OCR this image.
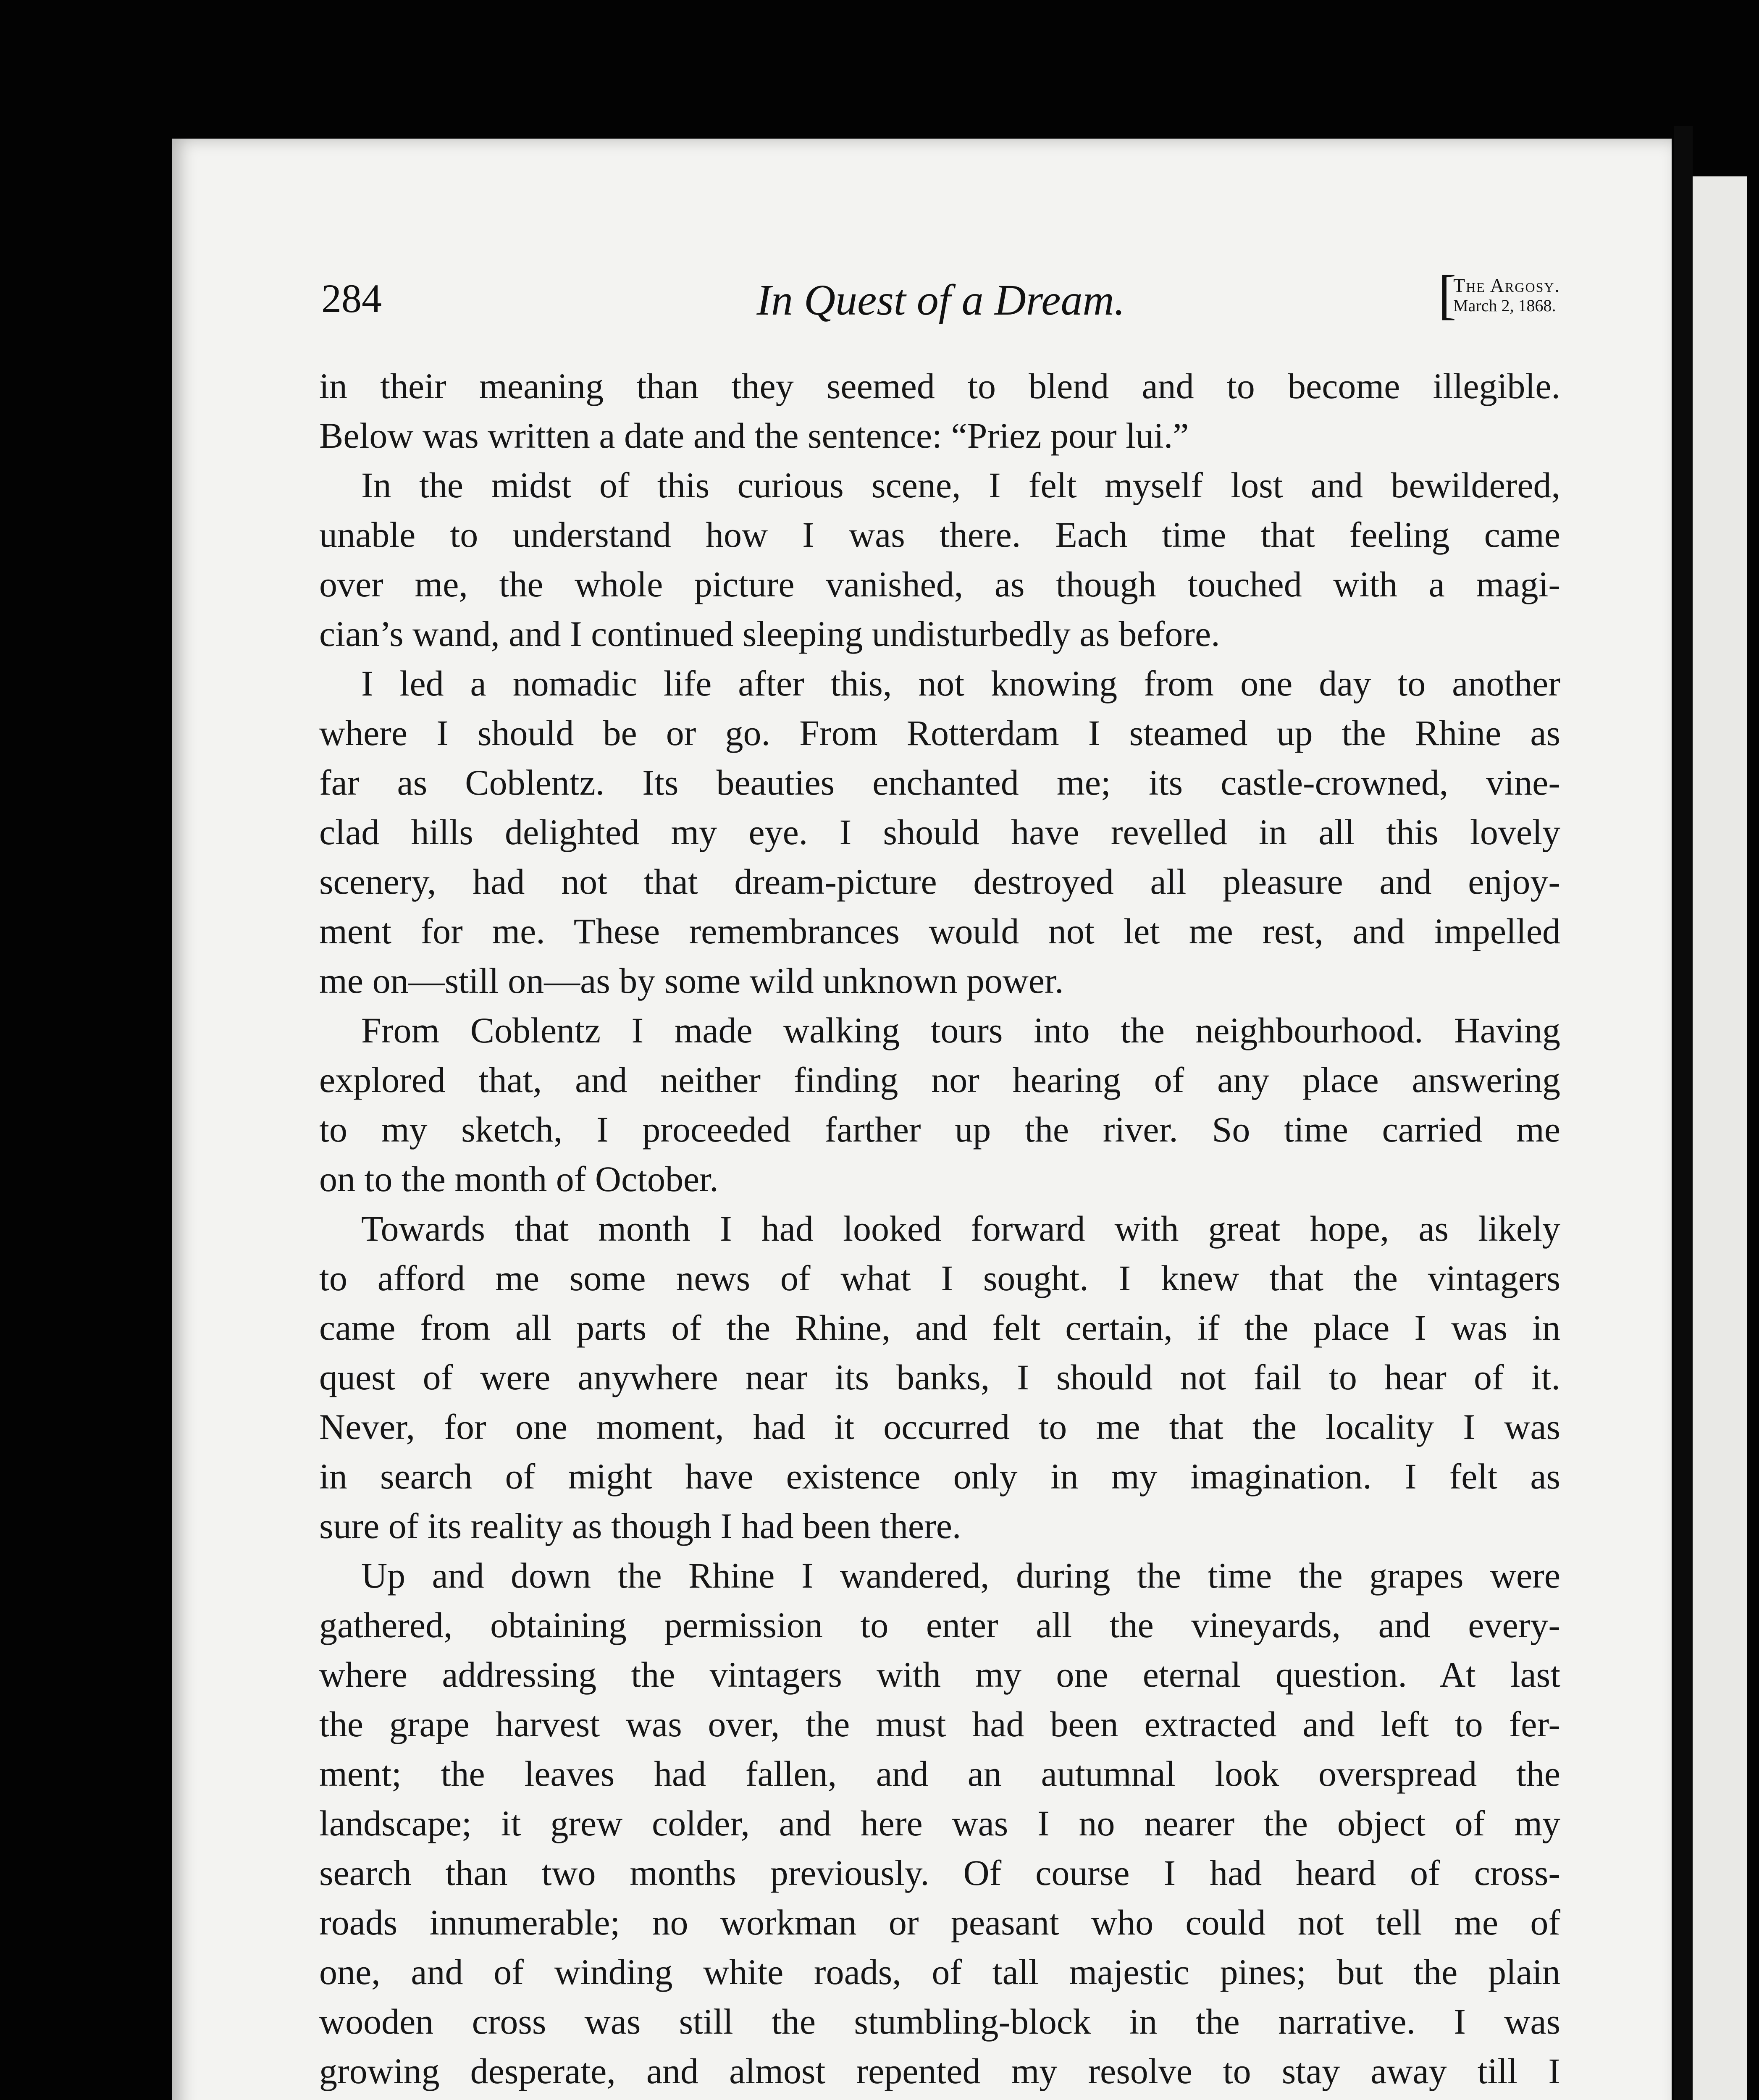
284	In Quest of a Dream.	[
The Argosy.
March 2, 1868.
in their meaning than they seemed to blend and to become illegible.
Below was written a date and the sentence: “Priez pour lui.”
In the midst of this curious scene, I felt myself lost and bewildered,
unable to understand how I was there. Each time that feeling came
over me, the whole picture vanished, as though touched with a magi-
cian’s wand, and I continued sleeping undisturbedly as before.
I led a nomadic life after this, not knowing from one day to another
where I should be or go. From Rotterdam I steamed up the Rhine as
far as Coblentz. Its beauties enchanted me; its castle-crowned, vine-
clad hills delighted my eye. I should have revelled in all this lovely
scenery, had not that dream-picture destroyed all pleasure and enjoy-
ment for me. These remembrances would not let me rest, and impelled
me on—still on—as by some wild unknown power.
From Coblentz I made walking tours into the neighbourhood. Having
explored that, and neither finding nor hearing of any place answering
to my sketch, I proceeded farther up the river. So time carried me
on to the month of October.
Towards that month I had looked forward with great hope, as likely
to afford me some news of what I sought. I knew that the vintagers
came from all parts of the Rhine, and felt certain, if the place I was in
quest of were anywhere near its banks, I should not fail to hear of it.
Never, for one moment, had it occurred to me that the locality I was
in search of might have existence only in my imagination. I felt as
sure of its reality as though I had been there.
Up and down the Rhine I wandered, during the time the grapes were
gathered, obtaining permission to enter all the vineyards, and every-
where addressing the vintagers with my one eternal question. At last
the grape harvest was over, the must had been extracted and left to fer-
ment; the leaves had fallen, and an autumnal look overspread the
landscape; it grew colder, and here was I no nearer the object of my
search than two months previously. Of course I had heard of cross-
roads innumerable; no workman or peasant who could not tell me of
one, and of winding white roads, of tall majestic pines; but the plain
wooden cross was still the stumbling-block in the narrative. I was
growing desperate, and almost repented my resolve to stay away till I
